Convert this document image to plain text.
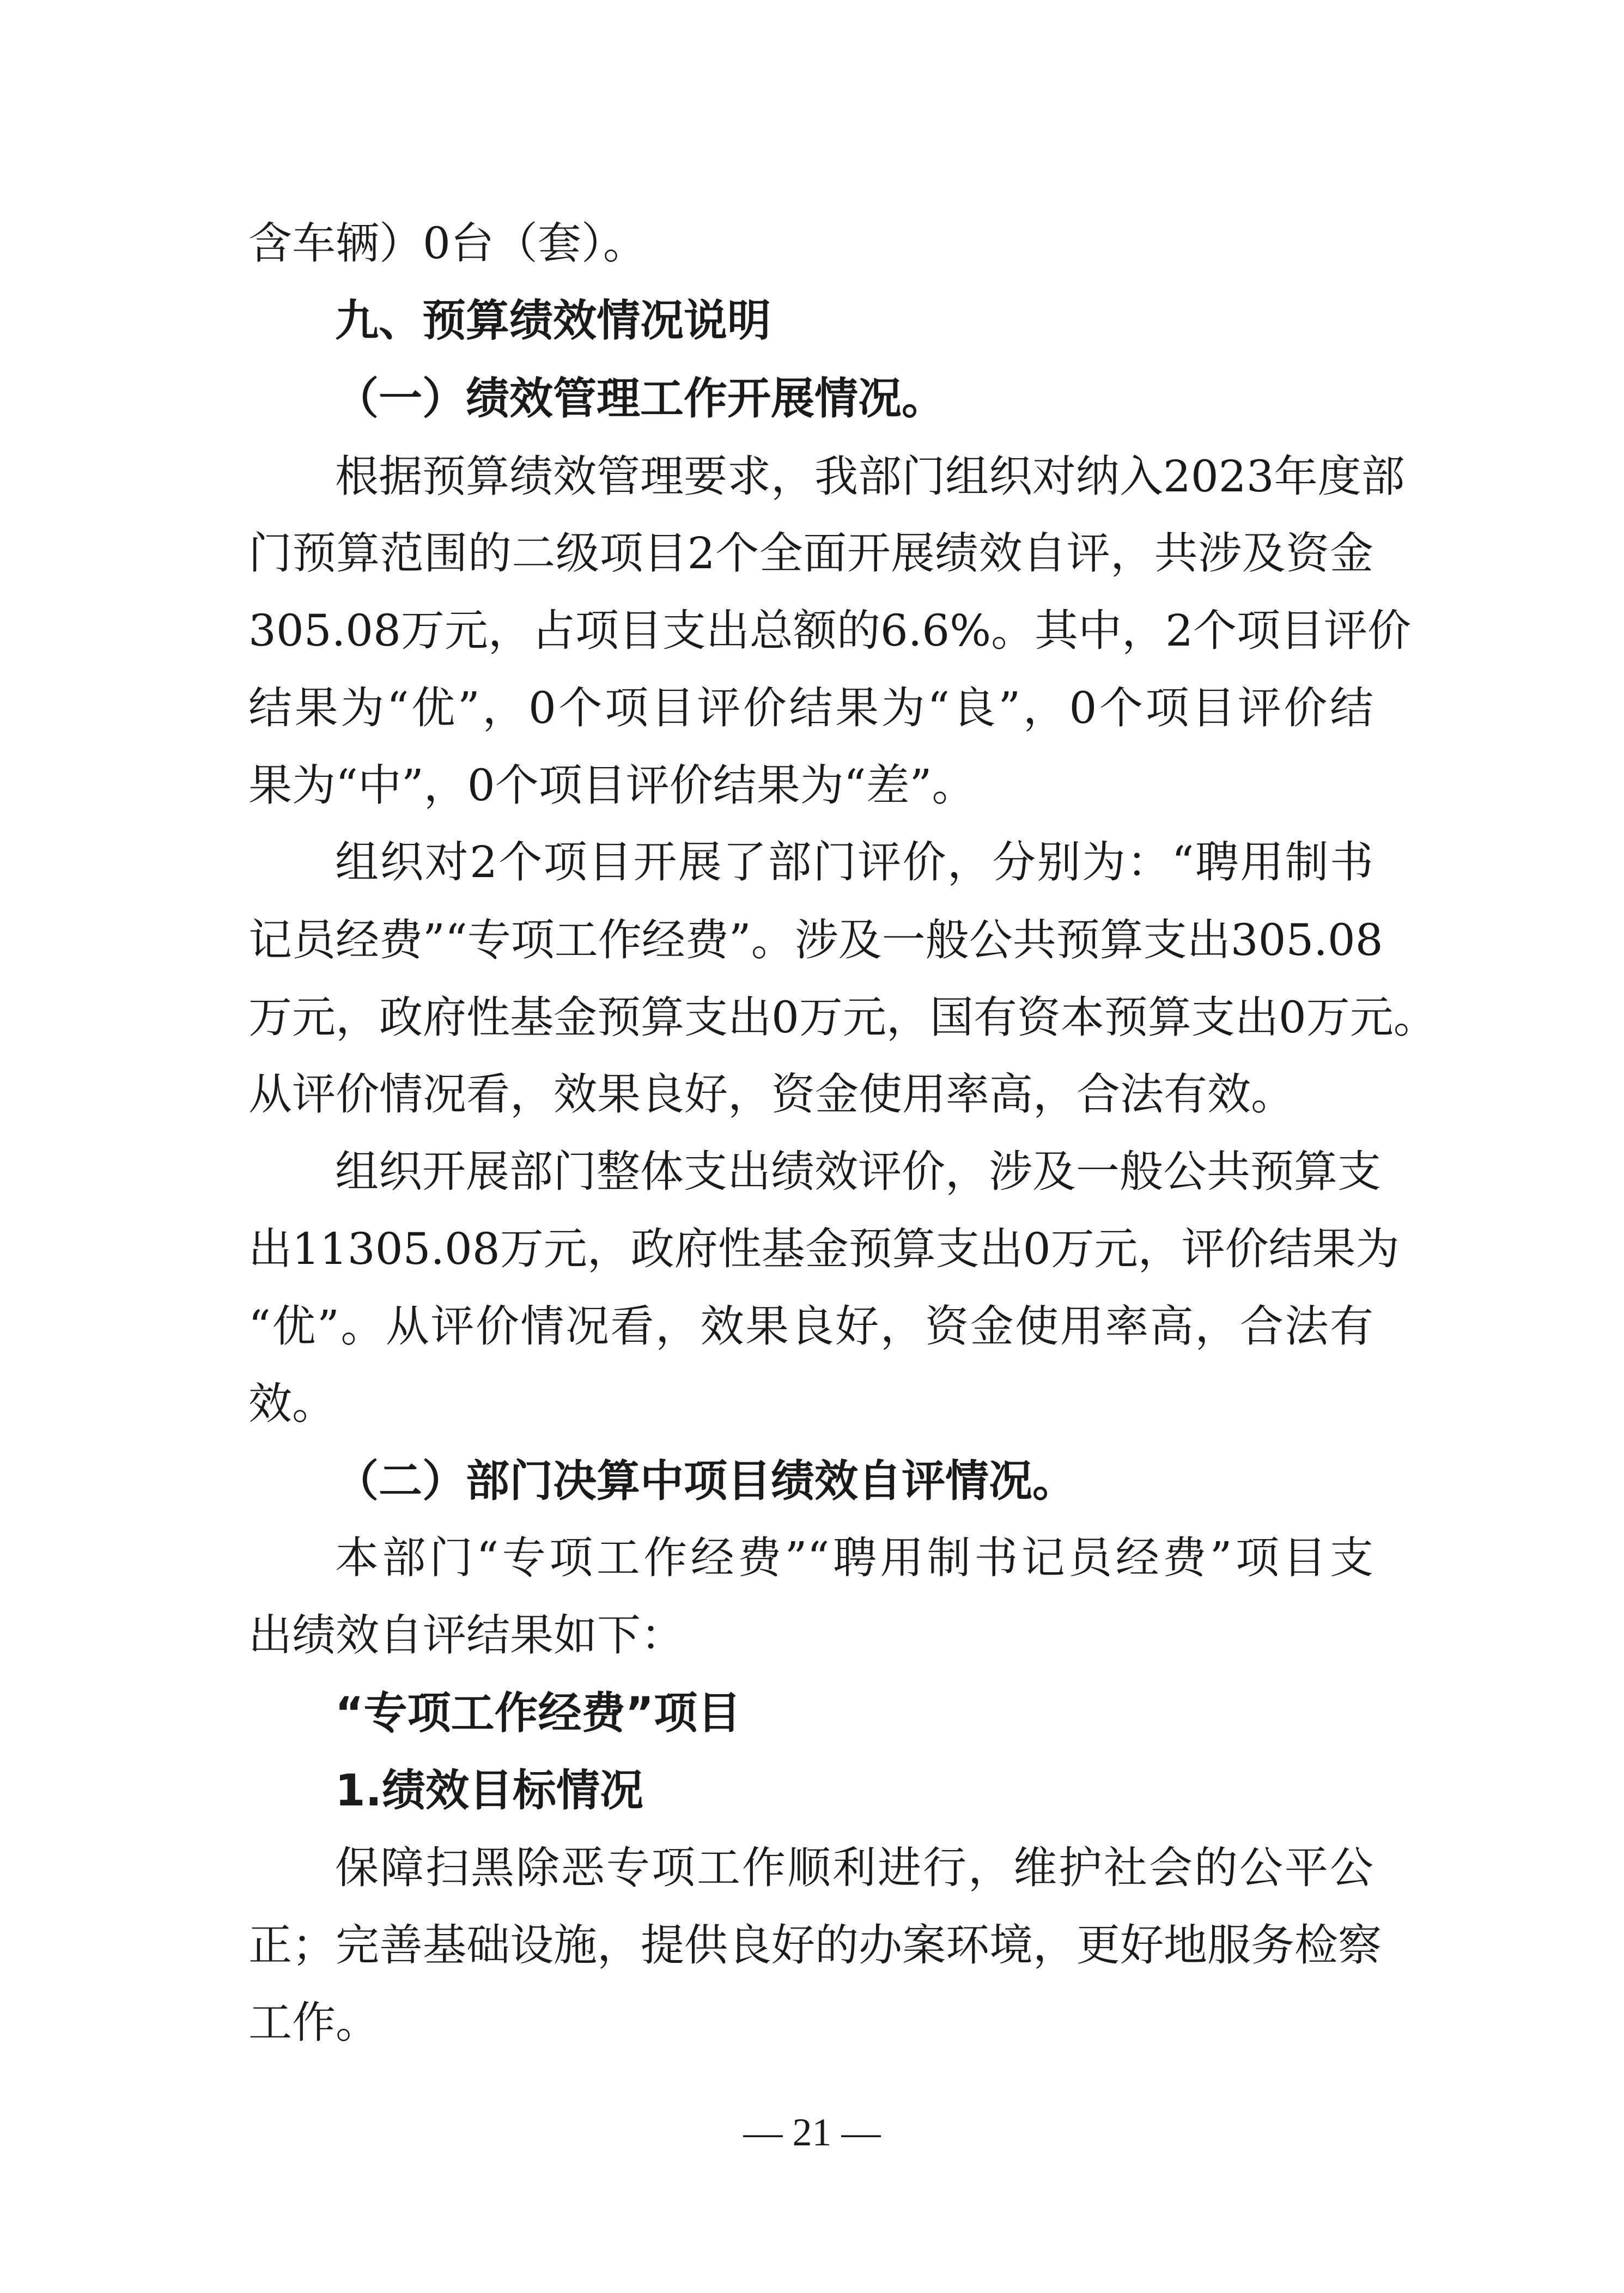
含车辆）0台（套）。
九、预算绩效情况说明
（一）绩效管理工作开展情况。
根据预算绩效管理要求，我部门组织对纳入2023年度部
门预算范围的二级项目2个全面开展绩效自评，共涉及资金
305.08万元，占项目支出总额的6.6%。其中，2个项目评价
结果为“优”，0个项目评价结果为“良”，0个项目评价结
果为“中”，0个项目评价结果为“差”。
组织对2个项目开展了部门评价，分别为：“聘用制书
记员经费”“专项工作经费”。涉及一般公共预算支出305.08
万元，政府性基金预算支出0万元，国有资本预算支出0万元。
从评价情况看，效果良好，资金使用率高，合法有效。
组织开展部门整体支出绩效评价，涉及一般公共预算支
出11305.08万元，政府性基金预算支出0万元，评价结果为
“优”。从评价情况看，效果良好，资金使用率高，合法有
效。
（二）部门决算中项目绩效自评情况。
本部门“专项工作经费”“聘用制书记员经费”项目支
出绩效自评结果如下：
“专项工作经费”项目
1.绩效目标情况
保障扫黑除恶专项工作顺利进行，维护社会的公平公
正；完善基础设施，提供良好的办案环境，更好地服务检察
工作。
— 21 —
